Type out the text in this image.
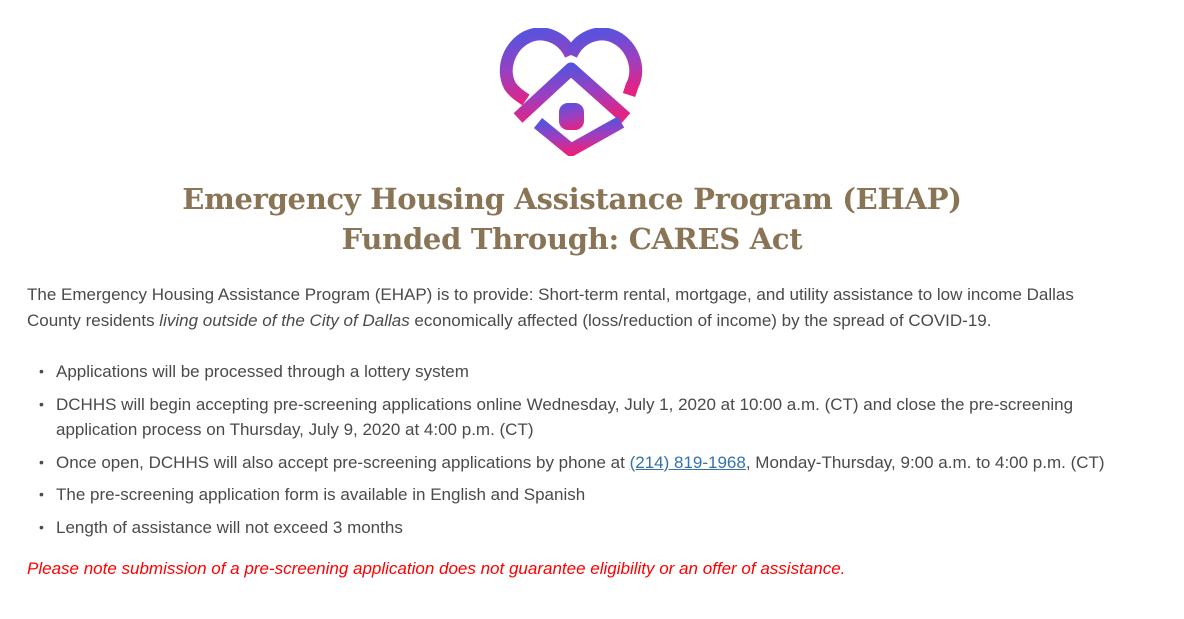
Emergency Housing Assistance Program (EHAP)
Funded Through: CARES Act

The Emergency Housing Assistance Program (EHAP) is to provide: Short-term rental, mortgage, and utility assistance to low income Dallas County residents living outside of the City of Dallas economically affected (loss/reduction of income) by the spread of COVID-19.

• Applications will be processed through a lottery system
• DCHHS will begin accepting pre-screening applications online Wednesday, July 1, 2020 at 10:00 a.m. (CT) and close the pre-screening application process on Thursday, July 9, 2020 at 4:00 p.m. (CT)
• Once open, DCHHS will also accept pre-screening applications by phone at (214) 819-1968, Monday-Thursday, 9:00 a.m. to 4:00 p.m. (CT)
• The pre-screening application form is available in English and Spanish
• Length of assistance will not exceed 3 months

Please note submission of a pre-screening application does not guarantee eligibility or an offer of assistance.
